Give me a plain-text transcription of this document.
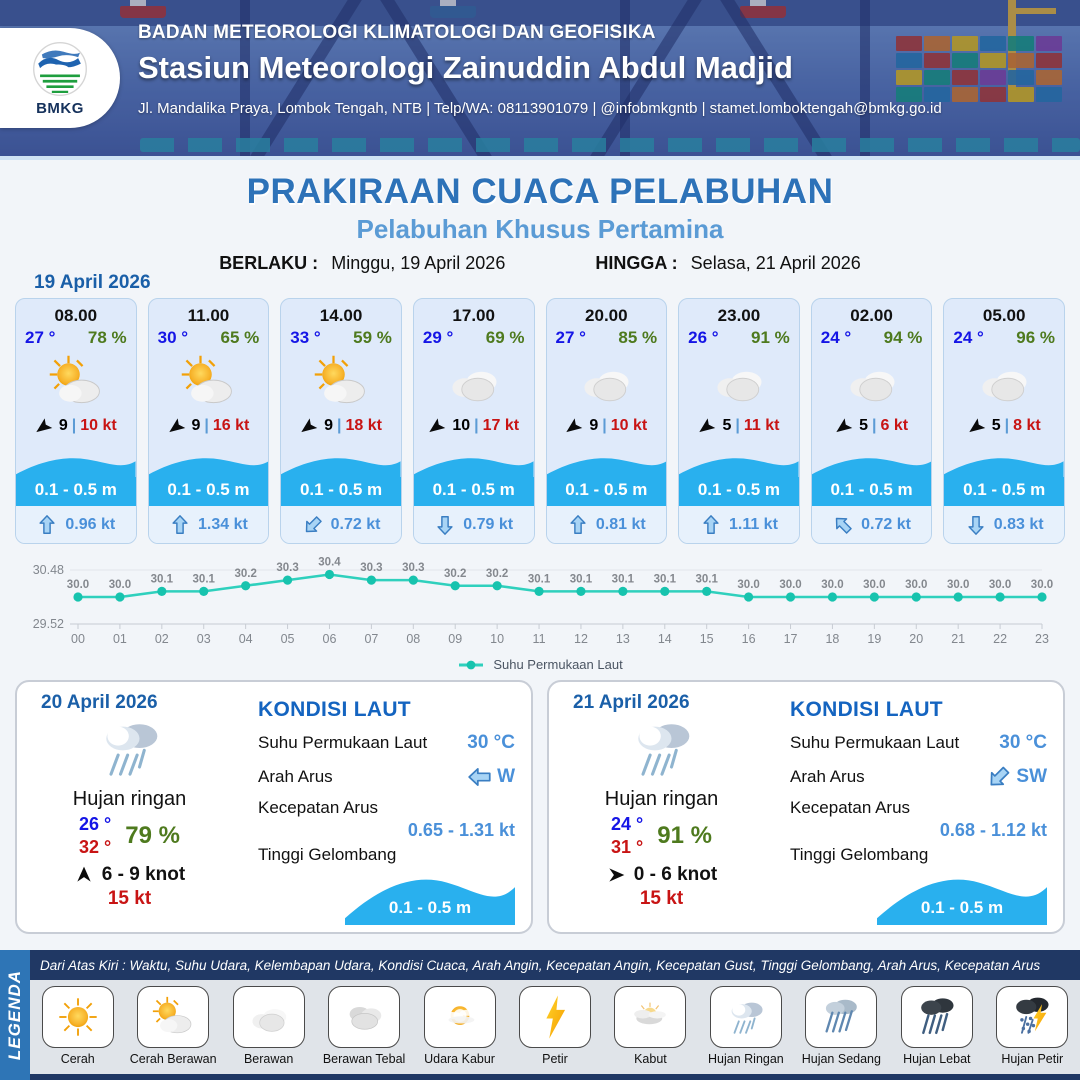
BMKG
BADAN METEOROLOGI KLIMATOLOGI DAN GEOFISIKA
Stasiun Meteorologi Zainuddin Abdul Madjid
Jl. Mandalika Praya, Lombok Tengah, NTB | Telp/WA: 08113901079 | @infobmkgntb | stamet.lomboktengah@bmkg.go.id
PRAKIRAAN CUACA PELABUHAN
Pelabuhan Khusus Pertamina
BERLAKU : Minggu, 19 April 2026	HINGGA : Selasa, 21 April 2026
19 April 2026
08.00
27 ° 78 %
9 | 10 kt
0.1 - 0.5 m
0.96 kt
11.00
30 ° 65 %
9 | 16 kt
0.1 - 0.5 m
1.34 kt
14.00
33 ° 59 %
9 | 18 kt
0.1 - 0.5 m
0.72 kt
17.00
29 ° 69 %
10 | 17 kt
0.1 - 0.5 m
0.79 kt
20.00
27 ° 85 %
9 | 10 kt
0.1 - 0.5 m
0.81 kt
23.00
26 ° 91 %
5 | 11 kt
0.1 - 0.5 m
1.11 kt
02.00
24 ° 94 %
5 | 6 kt
0.1 - 0.5 m
0.72 kt
05.00
24 ° 96 %
5 | 8 kt
0.1 - 0.5 m
0.83 kt
30.48
29.52
30.0
00
30.0
01
30.1
02
30.1
03
30.2
04
30.3
05
30.4
06
30.3
07
30.3
08
30.2
09
30.2
10
30.1
11
30.1
12
30.1
13
30.1
14
30.1
15
30.0
16
30.0
17
30.0
18
30.0
19
30.0
20
30.0
21
30.0
22
30.0
23
Suhu Permukaan Laut
20 April 2026
Hujan ringan
26 °
32 ° 79 %
6 - 9 knot
15 kt
KONDISI LAUT
Suhu Permukaan Laut 30 °C
Arah Arus	W
Kecepatan Arus
0.65 - 1.31 kt
Tinggi Gelombang
0.1 - 0.5 m
21 April 2026
Hujan ringan
24 °
31 ° 91 %
0 - 6 knot
15 kt
KONDISI LAUT
Suhu Permukaan Laut 30 °C
Arah Arus	SW
Kecepatan Arus
0.68 - 1.12 kt
Tinggi Gelombang
0.1 - 0.5 m
LEGENDA
Dari Atas Kiri : Waktu, Suhu Udara, Kelembapan Udara, Kondisi Cuaca, Arah Angin, Kecepatan Angin, Kecepatan Gust, Tinggi Gelombang, Arah Arus, Kecepatan Arus
Cerah	Cerah Berawan Berawan Berawan Tebal Udara Kabur	Petir	Kabut	Hujan Ringan Hujan Sedang Hujan Lebat Hujan Petir
